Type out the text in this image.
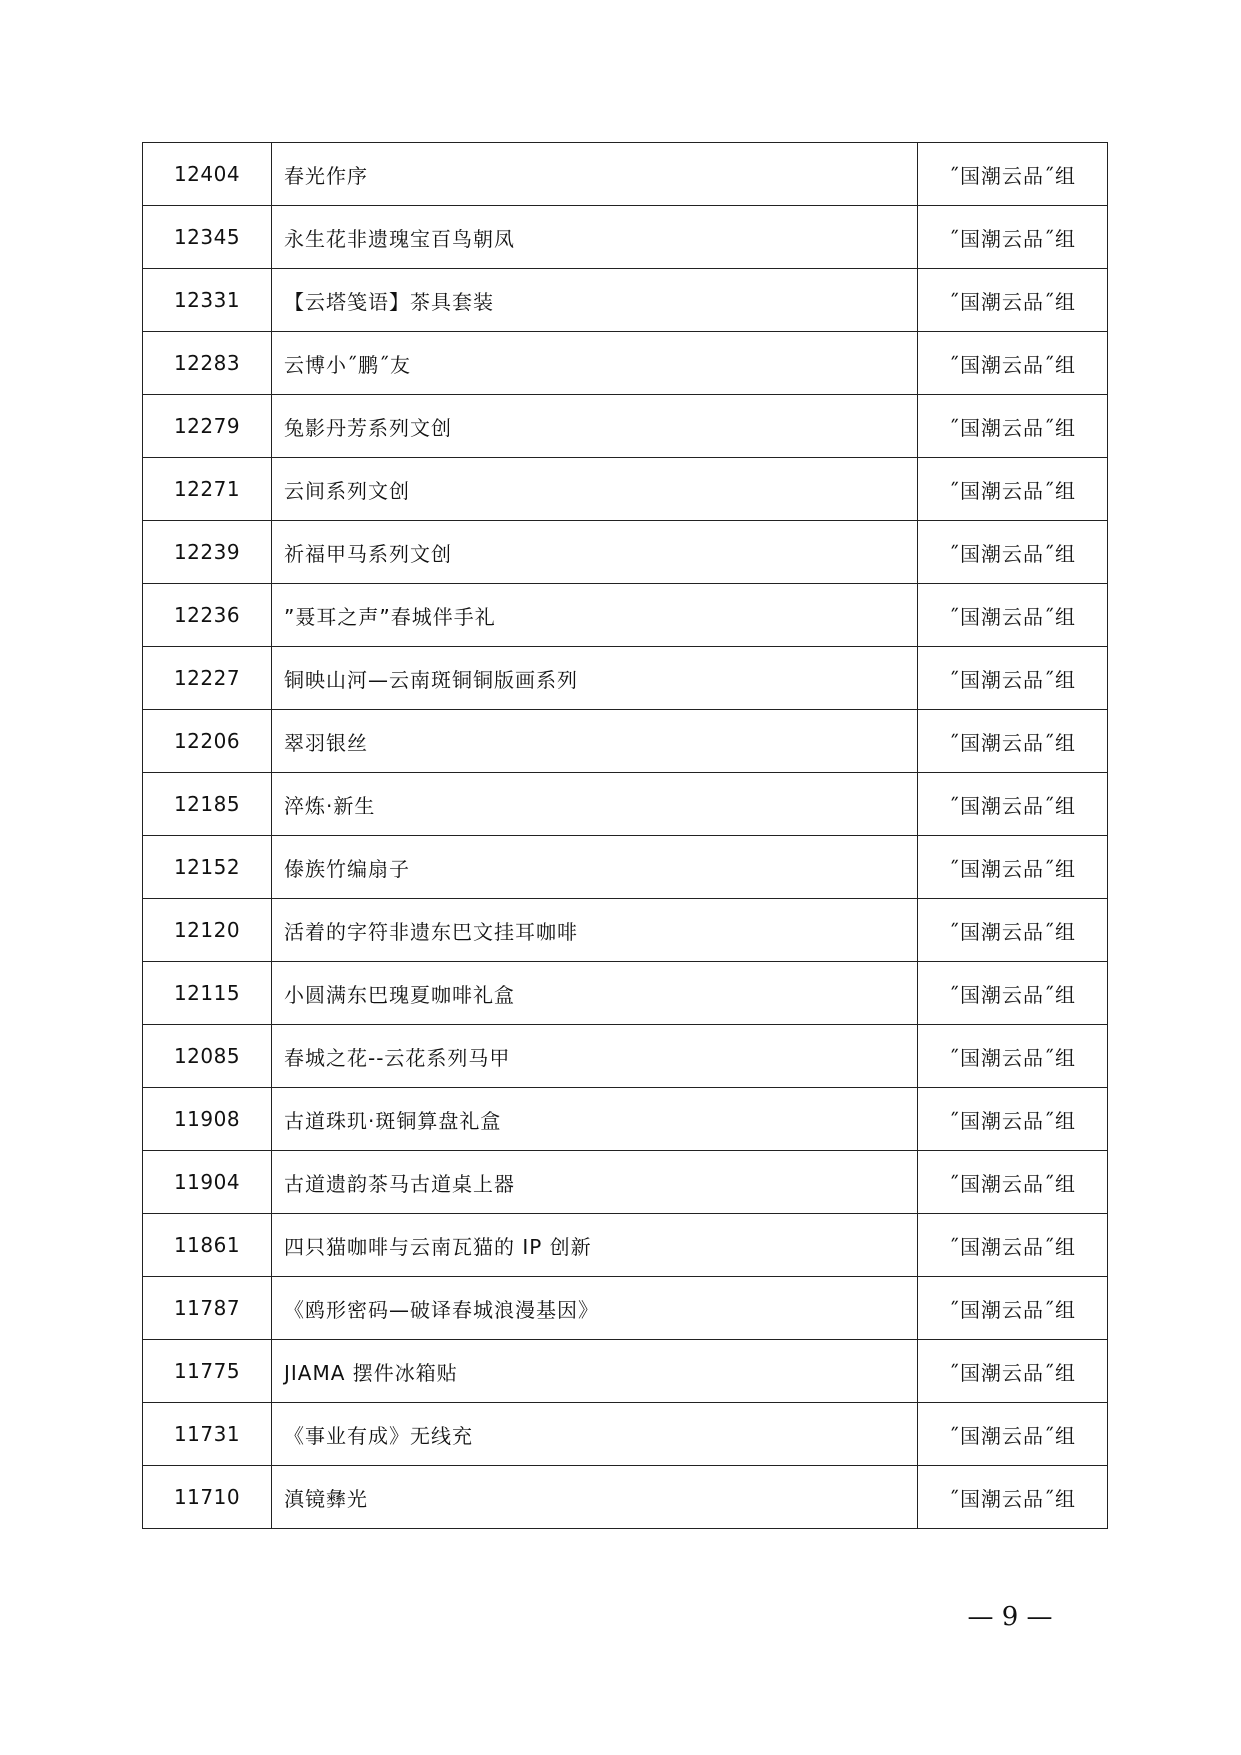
12404	春光作序	˝国潮云品˝组
12345	永生花非遗瑰宝百鸟朝凤	˝国潮云品˝组
12331	【云塔笺语】茶具套装	˝国潮云品˝组
12283	云博小˝鹏˝友	˝国潮云品˝组
12279	兔影丹芳系列文创	˝国潮云品˝组
12271	云间系列文创	˝国潮云品˝组
12239	祈福甲马系列文创	˝国潮云品˝组
12236	”聂耳之声”春城伴手礼	˝国潮云品˝组
12227	铜映山河—云南斑铜铜版画系列	˝国潮云品˝组
12206	翠羽银丝	˝国潮云品˝组
12185	淬炼·新生	˝国潮云品˝组
12152	傣族竹编扇子	˝国潮云品˝组
12120	活着的字符非遗东巴文挂耳咖啡	˝国潮云品˝组
12115	小圆满东巴瑰夏咖啡礼盒	˝国潮云品˝组
12085	春城之花--云花系列马甲	˝国潮云品˝组
11908	古道珠玑·斑铜算盘礼盒	˝国潮云品˝组
11904	古道遗韵茶马古道桌上器	˝国潮云品˝组
11861	四只猫咖啡与云南瓦猫的 IP 创新	˝国潮云品˝组
11787	《鸥形密码—破译春城浪漫基因》	˝国潮云品˝组
11775	JIAMA 摆件冰箱贴	˝国潮云品˝组
11731	《事业有成》无线充	˝国潮云品˝组
11710	滇镜彝光	˝国潮云品˝组
— 9 —
